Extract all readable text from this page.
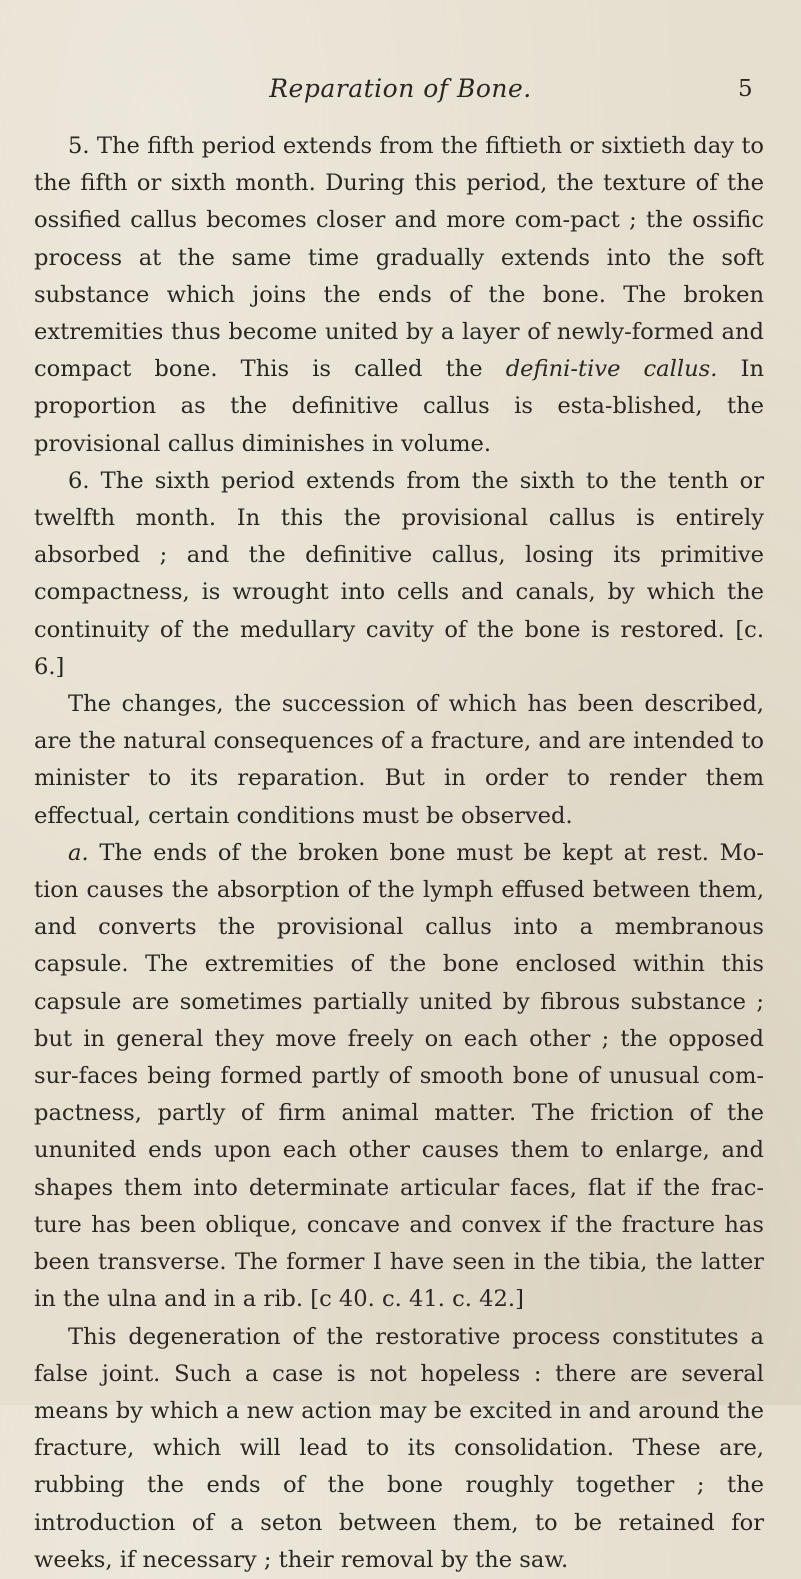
Reparation of Bone.	5

5. The fifth period extends from the fiftieth or sixtieth day to the fifth or sixth month. During this period, the texture of the ossified callus becomes closer and more com-pact ; the ossific process at the same time gradually extends into the soft substance which joins the ends of the bone. The broken extremities thus become united by a layer of newly-formed and compact bone. This is called the defini-tive callus. In proportion as the definitive callus is esta-blished, the provisional callus diminishes in volume.

6. The sixth period extends from the sixth to the tenth or twelfth month. In this the provisional callus is entirely absorbed ; and the definitive callus, losing its primitive compactness, is wrought into cells and canals, by which the continuity of the medullary cavity of the bone is restored. [c. 6.]

The changes, the succession of which has been described, are the natural consequences of a fracture, and are intended to minister to its reparation. But in order to render them effectual, certain conditions must be observed.

a. The ends of the broken bone must be kept at rest. Mo-tion causes the absorption of the lymph effused between them, and converts the provisional callus into a membranous capsule. The extremities of the bone enclosed within this capsule are sometimes partially united by fibrous substance ; but in general they move freely on each other ; the opposed sur-faces being formed partly of smooth bone of unusual com-pactness, partly of firm animal matter. The friction of the ununited ends upon each other causes them to enlarge, and shapes them into determinate articular faces, flat if the frac-ture has been oblique, concave and convex if the fracture has been transverse. The former I have seen in the tibia, the latter in the ulna and in a rib. [c 40. c. 41. c. 42.]

This degeneration of the restorative process constitutes a false joint. Such a case is not hopeless : there are several means by which a new action may be excited in and around the fracture, which will lead to its consolidation. These are, rubbing the ends of the bone roughly together ; the introduction of a seton between them, to be retained for weeks, if necessary ; their removal by the saw.
